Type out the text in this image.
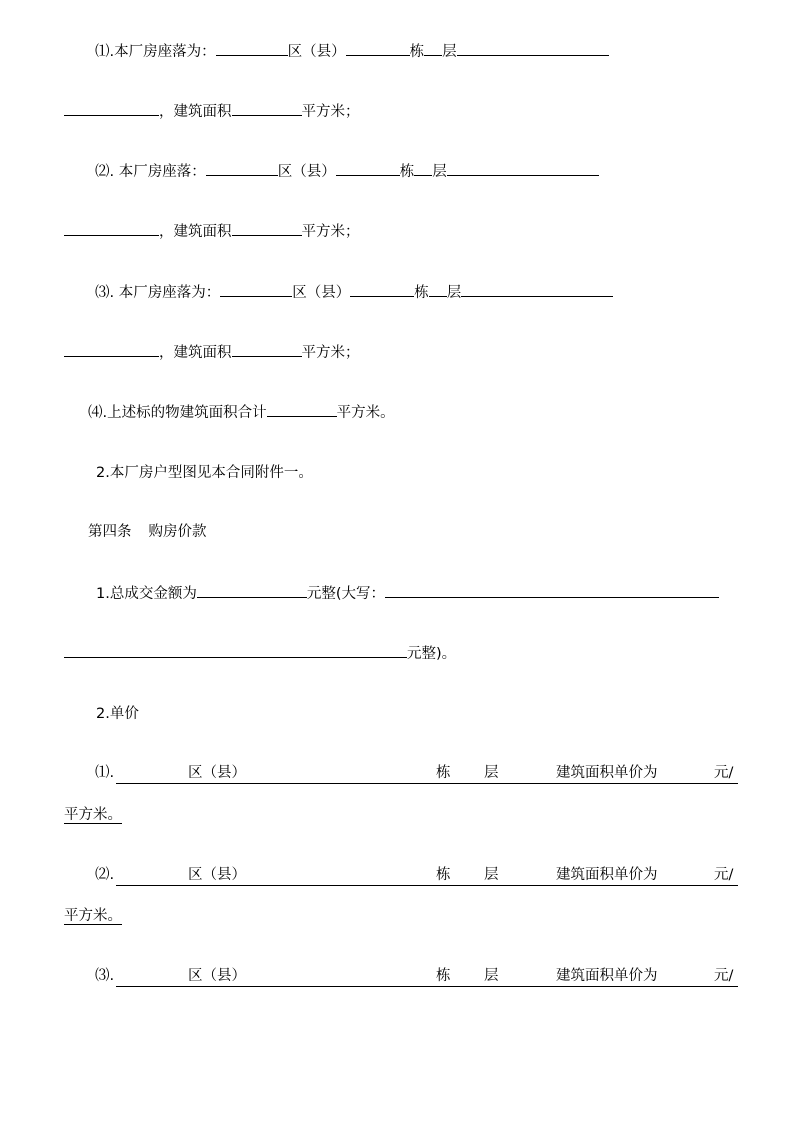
⑴.本厂房座落为：	区（县）	栋 层
，建筑面积	平方米；
⑵. 本厂房座落：	区（县）	栋 层
，建筑面积	平方米；
⑶. 本厂房座落为：	区（县）	栋 层
，建筑面积	平方米；
⑷.上述标的物建筑面积合计	平方米。
2.本厂房户型图见本合同附件一。
第四条 购房价款
1.总成交金额为	元整(大写：
元整)。
2.单价
⑴.	区（县）	栋 层	建筑面积单价为	元/
平方米。
⑵.	区（县）	栋 层	建筑面积单价为	元/
平方米。
⑶.	区（县）	栋 层	建筑面积单价为	元/
